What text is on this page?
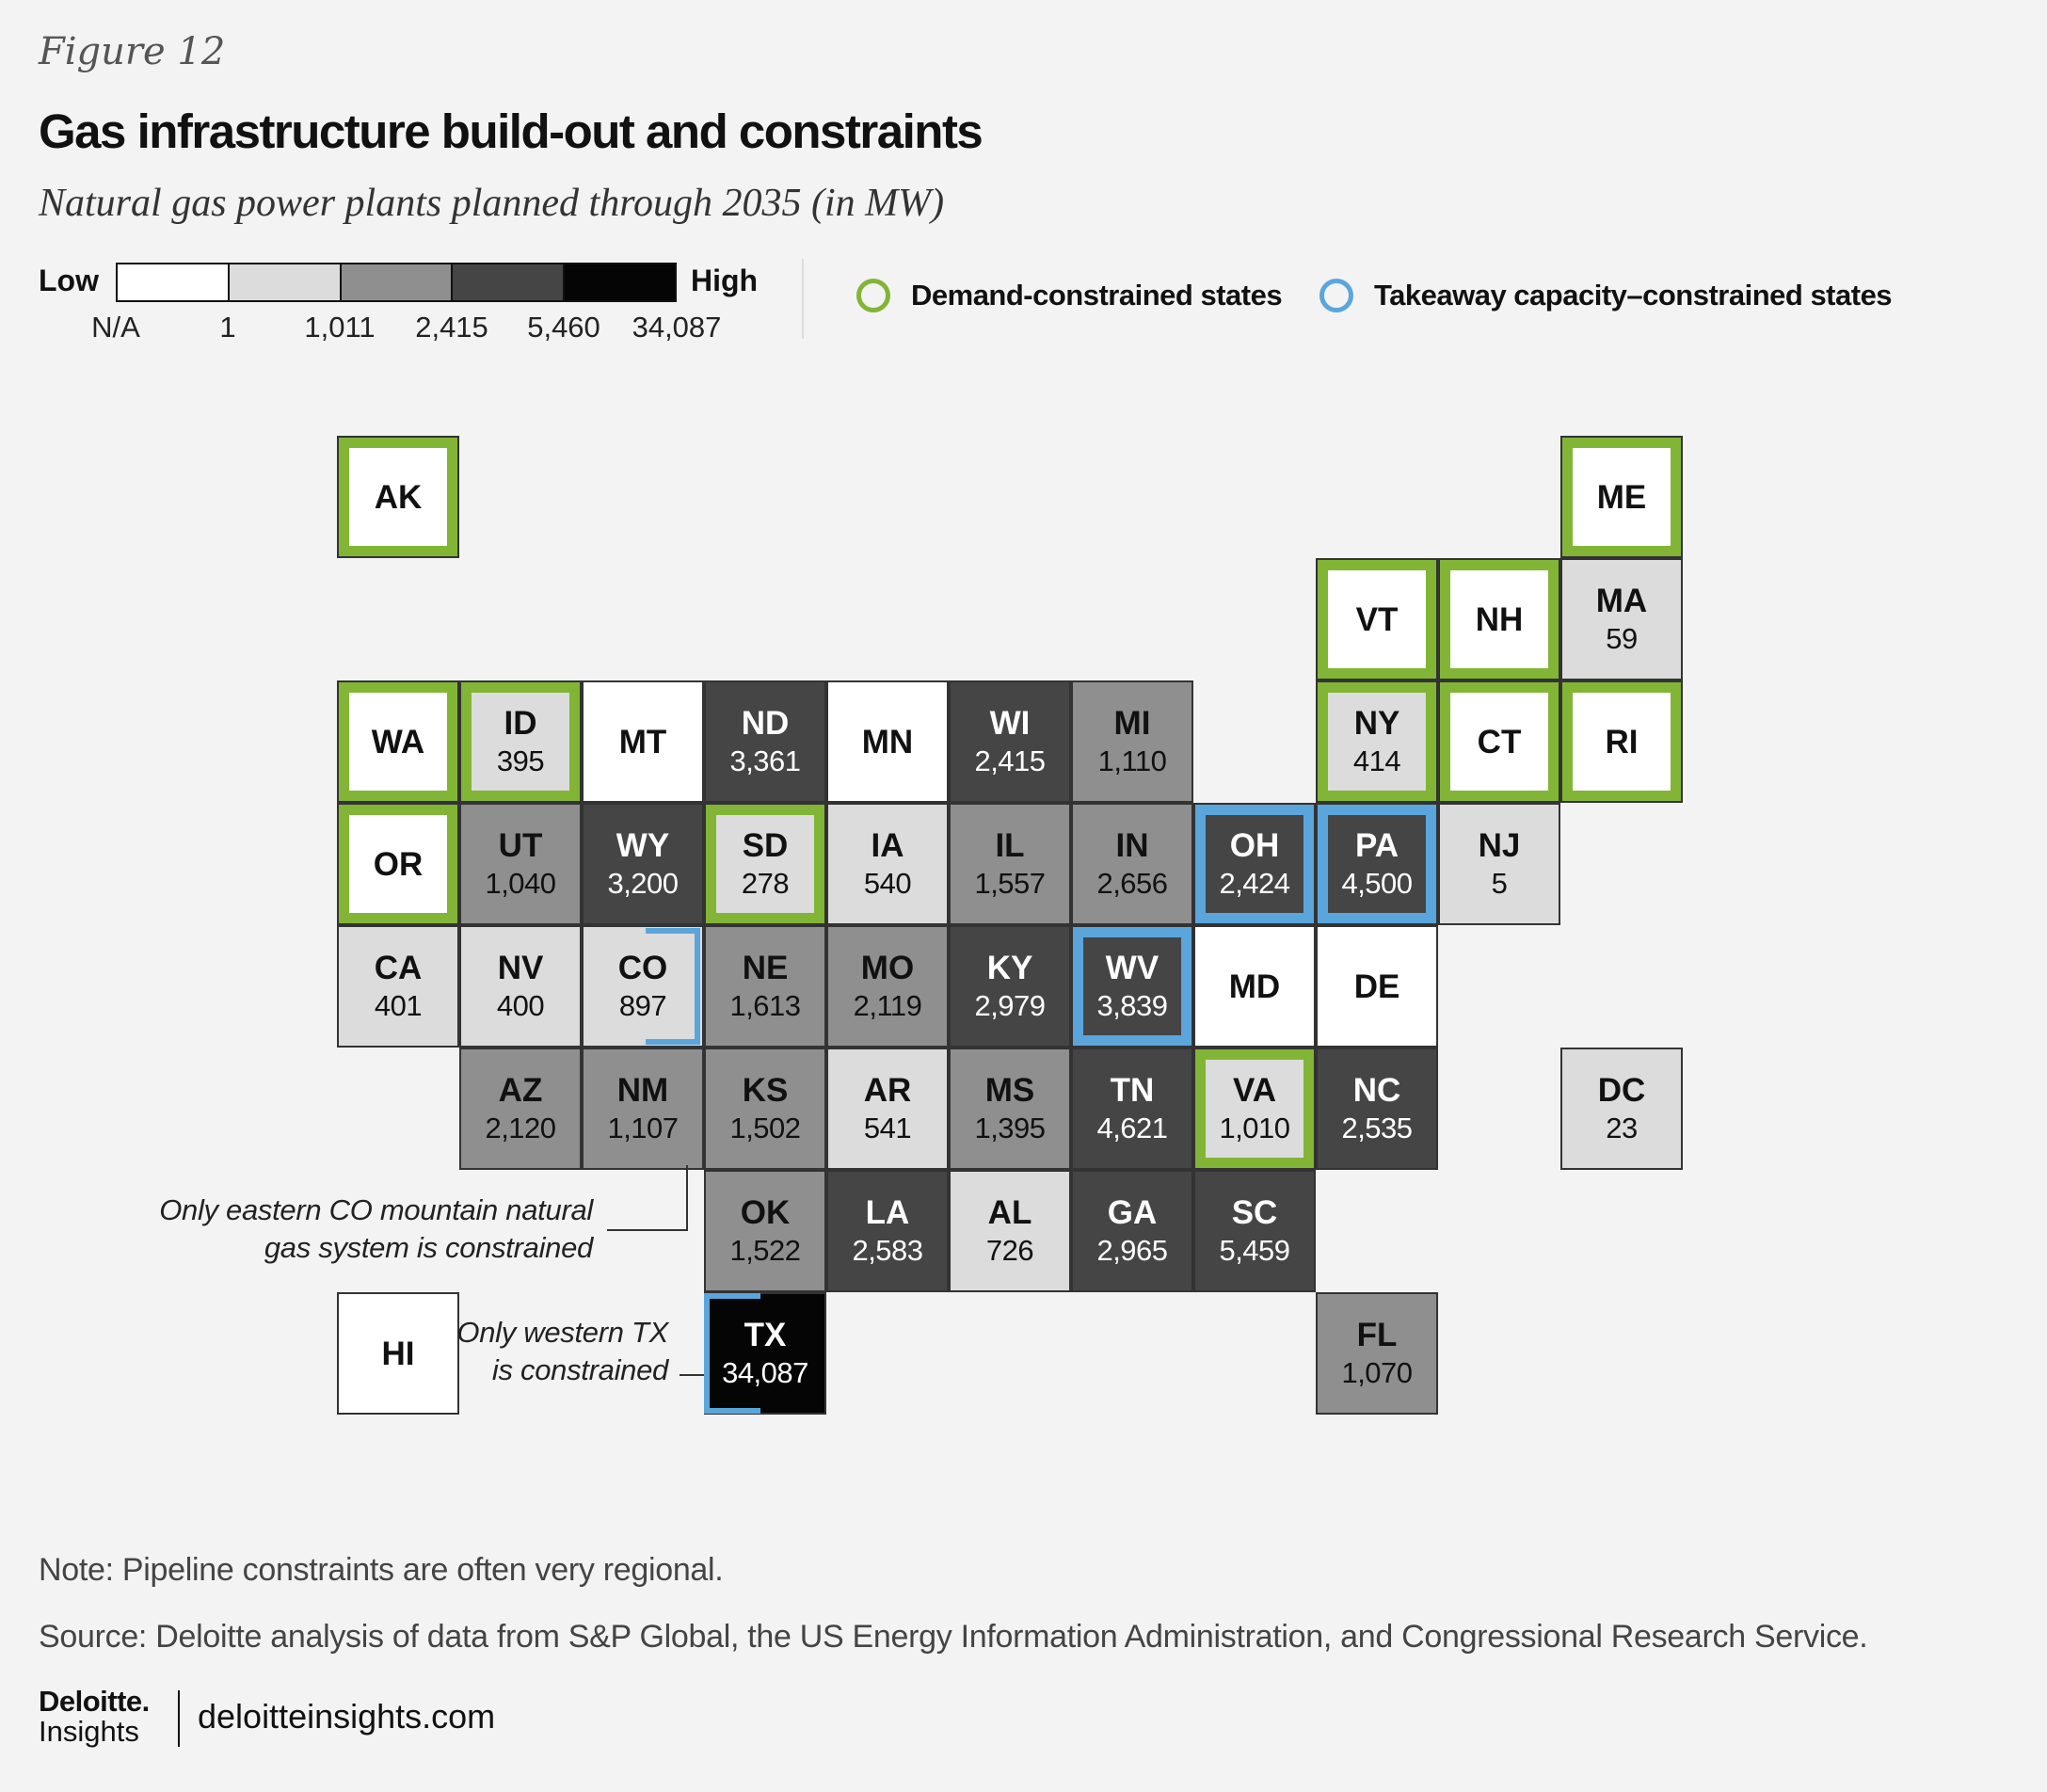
Figure 12
Gas infrastructure build-out and constraints
Natural gas power plants planned through 2035 (in MW)
Low	High
N/A	1 1,011 2,415 5,460 34,087
Demand-constrained states	Takeaway capacity–constrained states
AK	ME
VT NH
MA
59
WA
ID
395
MT
ND
3,361
MN
WI
2,415
MI
1,110
NY
414
CT	RI
OR
UT
1,040
WY
3,200
SD
278
IA
540
IL
1,557
IN
2,656
OH
2,424
PA
4,500
NJ
5
CA
401
NV
400
CO
897
NE
1,613
MO
2,119
KY
2,979
WV
3,839
MD DE
AZ
2,120
NM
1,107
KS
1,502
AR
541
MS
1,395
TN
4,621
VA
1,010
NC
2,535
DC
23
OK
1,522
LA
2,583
AL
726
GA
2,965
SC
5,459
HI
TX
34,087
FL
1,070
Only eastern CO mountain natural gas system is constrained
Only western TX is constrained
Note: Pipeline constraints are often very regional.
Source: Deloitte analysis of data from S&P Global, the US Energy Information Administration, and Congressional Research Service.
Deloitte.
Insights	deloitteinsights.com
